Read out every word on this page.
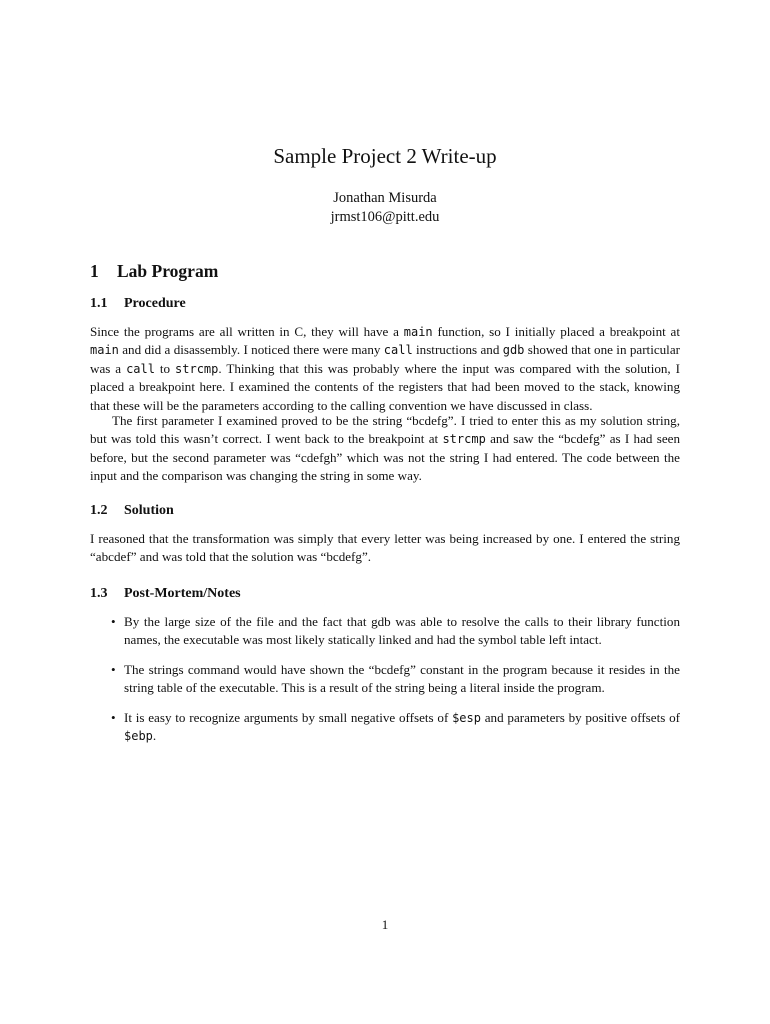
Sample Project 2 Write-up
Jonathan Misurda
jrmst106@pitt.edu
1 Lab Program
1.1 Procedure

Since the programs are all written in C, they will have a main function, so I initially placed a breakpoint at main and did a disassembly. I noticed there were many call instructions and gdb showed that one in particular was a call to strcmp. Thinking that this was probably where the input was compared with the solution, I placed a breakpoint here. I examined the contents of the registers that had been moved to the stack, knowing that these will be the parameters according to the calling convention we have discussed in class.

The first parameter I examined proved to be the string “bcdefg”. I tried to enter this as my solution string, but was told this wasn’t correct. I went back to the breakpoint at strcmp and saw the “bcdefg” as I had seen before, but the second parameter was “cdefgh” which was not the string I had entered. The code between the input and the comparison was changing the string in some way.

1.2 Solution

I reasoned that the transformation was simply that every letter was being increased by one. I entered the string “abcdef” and was told that the solution was “bcdefg”.

1.3 Post-Mortem/Notes
• By the large size of the file and the fact that gdb was able to resolve the calls to their library function names, the executable was most likely statically linked and had the symbol table left intact.
• The strings command would have shown the “bcdefg” constant in the program because it resides in the string table of the executable. This is a result of the string being a literal inside the program.
• It is easy to recognize arguments by small negative offsets of $esp and parameters by positive offsets of $ebp.
1
